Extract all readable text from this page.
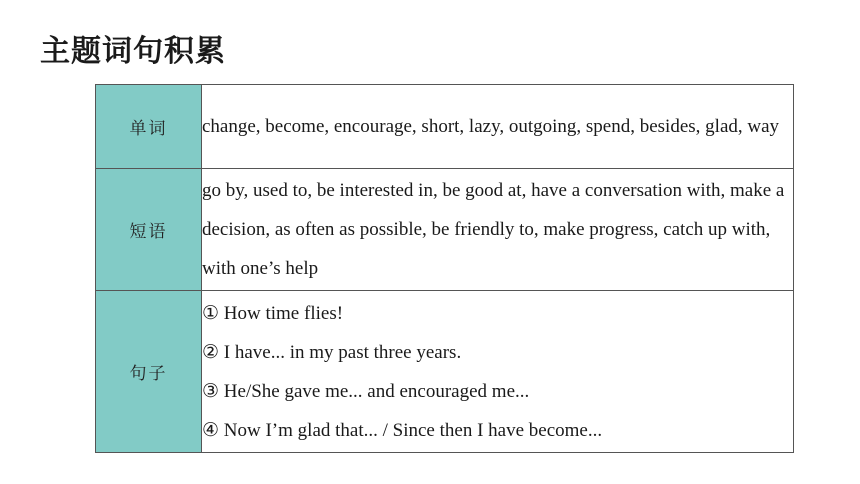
主题词句积累
单词	change, become, encourage, short, lazy, outgoing, spend, besides, glad, way
短语	go by, used to, be interested in, be good at, have a conversation with, make a decision, as often as possible, be friendly to, make progress, catch up with, with one’s help
句子	① How time flies!
② I have... in my past three years.
③ He/She gave me... and encouraged me...
④ Now I’m glad that... / Since then I have become...
